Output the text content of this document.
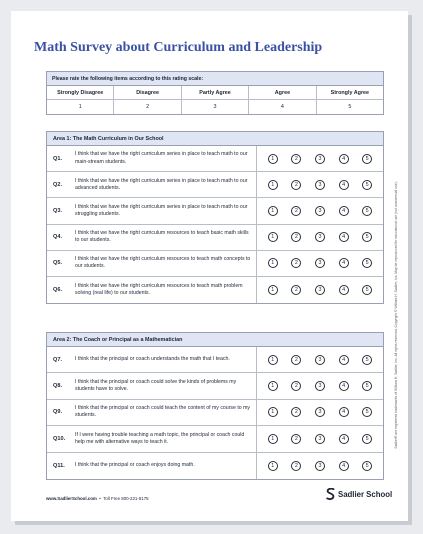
Math Survey about Curriculum and Leadership
Please rate the following items according to this rating scale:
Strongly Disagree	Disagree	Partly Agree	Agree	Strongly Agree
1	2	3	4	5
Area 1: The Math Curriculum in Our School
Q1.
I think that we have the right curriculum series in place to teach math to our main-stream students.	1	2	3	4	5
Q2.
I think that we have the right curriculum series in place to teach math to our advanced students.	1	2	3	4	5
Q3.
I think that we have the right curriculum series in place to teach math to our struggling students.	1	2	3	4	5
Q4.
I think that we have the right curriculum resources to teach basic math skills to our students.	1	2	3	4	5
Q5.
I think that we have the right curriculum resources to teach math concepts to our students.	1	2	3	4	5
Q6.
I think that we have the right curriculum resources to teach math problem solving (real life) to our students.	1	2	3	4	5
Area 2: The Coach or Principal as a Mathematician
Q7.	I think that the principal or coach understands the math that I teach.	1	2	3	4	5
Q8.
I think that the principal or coach could solve the kinds of problems my students have to solve.	1	2	3	4	5
Q9.
I think that the principal or coach could teach the content of my course to my students.	1	2	3	4	5
Q10.
If I were having trouble teaching a math topic, the principal or coach could help me with alternative ways to teach it.	1	2	3	4	5
Q11.	I think that the principal or coach enjoys doing math.	1	2	3	4	5
www.SadlierSchool.com  •  Toll Free 800-221-5175	Sadlier School
Sadlier® are registered trademarks of William H. Sadlier, Inc. All rights reserved. Copyright © William H. Sadlier, Inc. May be reproduced for educational use (not commercial use).
